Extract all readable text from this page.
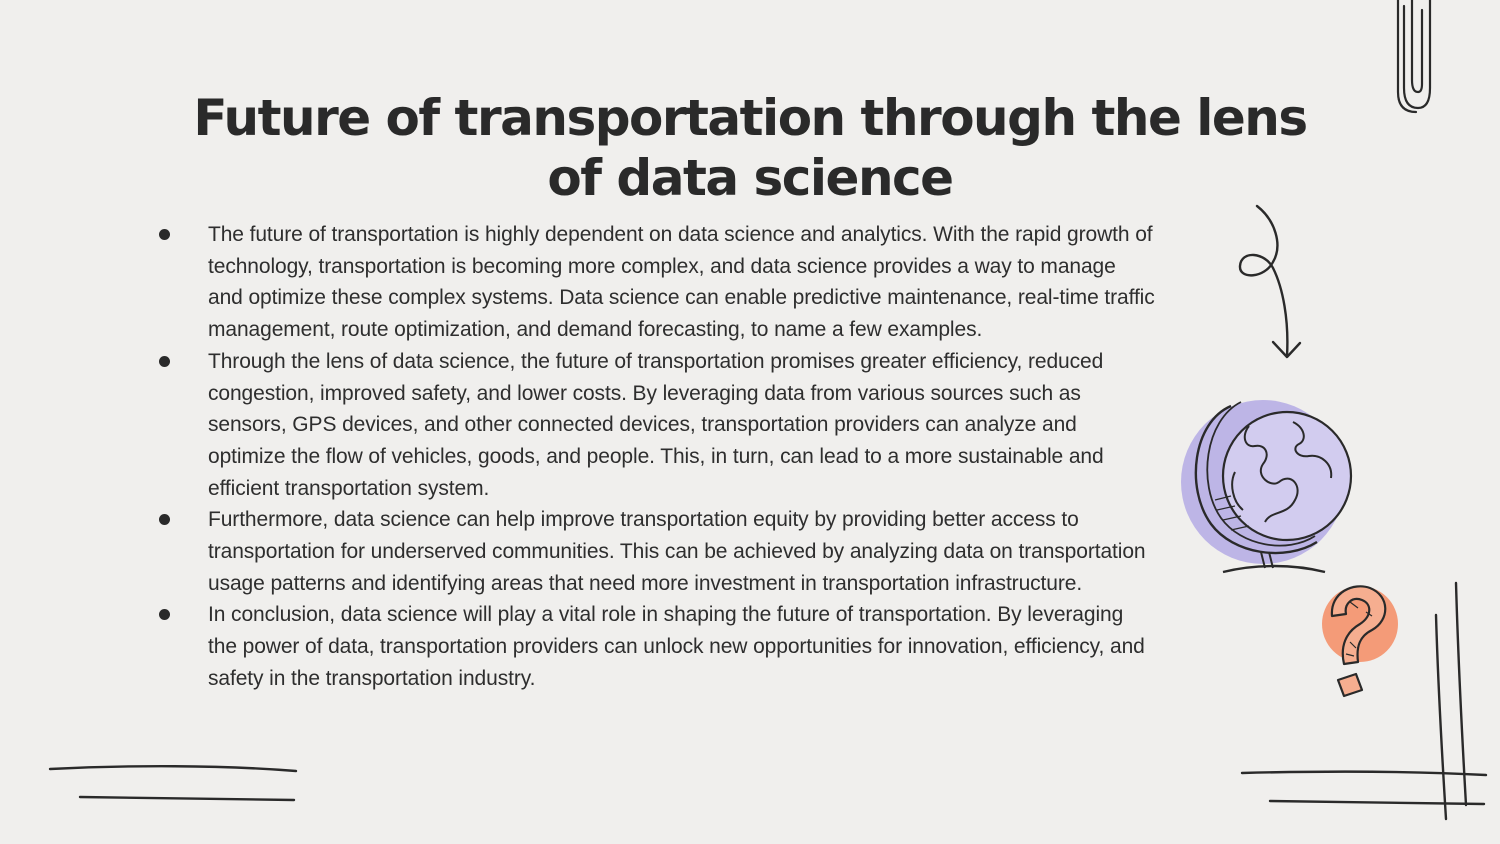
Future of transportation through the lens
of data science
The future of transportation is highly dependent on data science and analytics. With the rapid growth of technology, transportation is becoming more complex, and data science provides a way to manage and optimize these complex systems. Data science can enable predictive maintenance, real-time traffic management, route optimization, and demand forecasting, to name a few examples.
Through the lens of data science, the future of transportation promises greater efficiency, reduced congestion, improved safety, and lower costs. By leveraging data from various sources such as sensors, GPS devices, and other connected devices, transportation providers can analyze and optimize the flow of vehicles, goods, and people. This, in turn, can lead to a more sustainable and efficient transportation system.
Furthermore, data science can help improve transportation equity by providing better access to transportation for underserved communities. This can be achieved by analyzing data on transportation usage patterns and identifying areas that need more investment in transportation infrastructure.
In conclusion, data science will play a vital role in shaping the future of transportation. By leveraging the power of data, transportation providers can unlock new opportunities for innovation, efficiency, and safety in the transportation industry.
